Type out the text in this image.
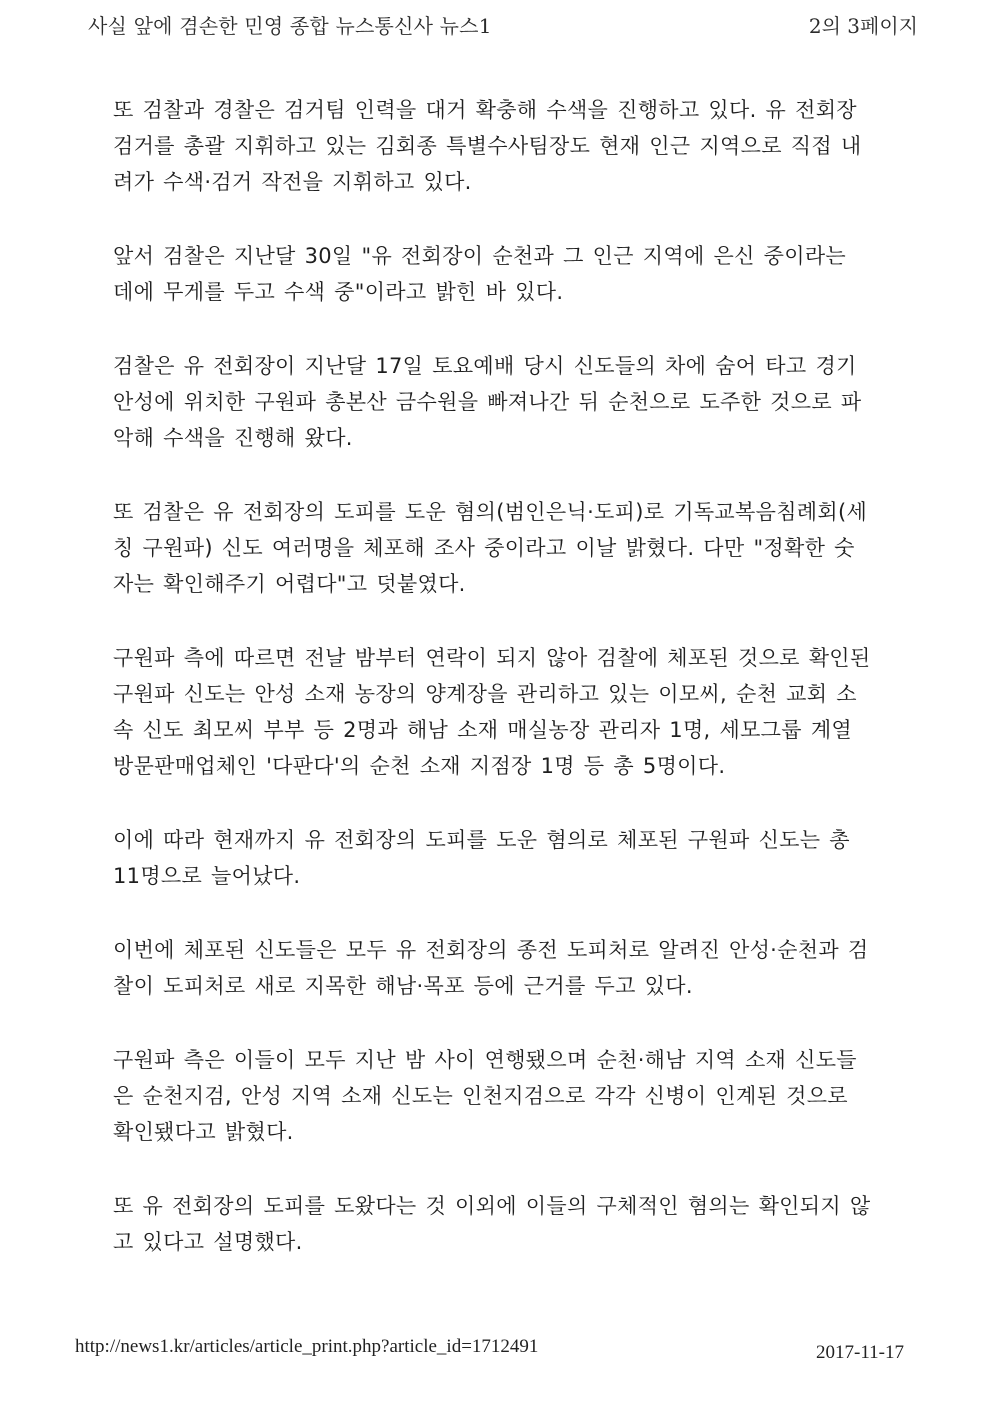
사실 앞에 겸손한 민영 종합 뉴스통신사 뉴스1	2의 3페이지

또 검찰과 경찰은 검거팀 인력을 대거 확충해 수색을 진행하고 있다. 유 전회장 검거를 총괄 지휘하고 있는 김회종 특별수사팀장도 현재 인근 지역으로 직접 내려가 수색·검거 작전을 지휘하고 있다.

앞서 검찰은 지난달 30일 "유 전회장이 순천과 그 인근 지역에 은신 중이라는 데에 무게를 두고 수색 중"이라고 밝힌 바 있다.

검찰은 유 전회장이 지난달 17일 토요예배 당시 신도들의 차에 숨어 타고 경기 안성에 위치한 구원파 총본산 금수원을 빠져나간 뒤 순천으로 도주한 것으로 파악해 수색을 진행해 왔다.

또 검찰은 유 전회장의 도피를 도운 혐의(범인은닉·도피)로 기독교복음침례회(세칭 구원파) 신도 여러명을 체포해 조사 중이라고 이날 밝혔다. 다만 "정확한 숫자는 확인해주기 어렵다"고 덧붙였다.

구원파 측에 따르면 전날 밤부터 연락이 되지 않아 검찰에 체포된 것으로 확인된 구원파 신도는 안성 소재 농장의 양계장을 관리하고 있는 이모씨, 순천 교회 소속 신도 최모씨 부부 등 2명과 해남 소재 매실농장 관리자 1명, 세모그룹 계열 방문판매업체인 '다판다'의 순천 소재 지점장 1명 등 총 5명이다.

이에 따라 현재까지 유 전회장의 도피를 도운 혐의로 체포된 구원파 신도는 총 11명으로 늘어났다.

이번에 체포된 신도들은 모두 유 전회장의 종전 도피처로 알려진 안성·순천과 검찰이 도피처로 새로 지목한 해남·목포 등에 근거를 두고 있다.

구원파 측은 이들이 모두 지난 밤 사이 연행됐으며 순천·해남 지역 소재 신도들은 순천지검, 안성 지역 소재 신도는 인천지검으로 각각 신병이 인계된 것으로 확인됐다고 밝혔다.

또 유 전회장의 도피를 도왔다는 것 이외에 이들의 구체적인 혐의는 확인되지 않고 있다고 설명했다.

http://news1.kr/articles/article_print.php?article_id=1712491	2017-11-17
